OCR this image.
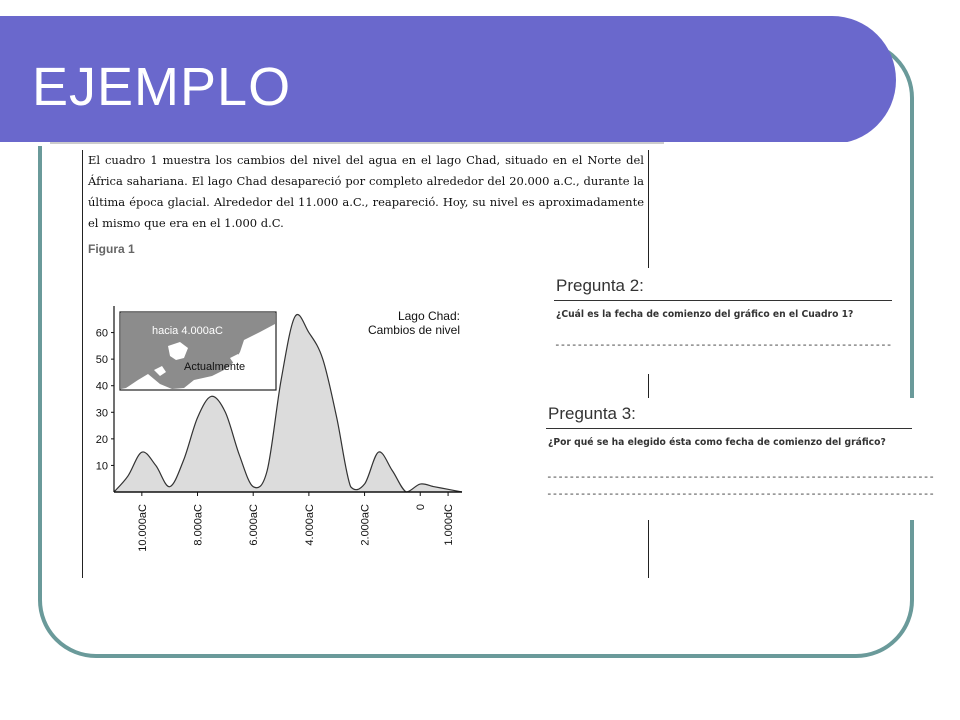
EJEMPLO
El cuadro 1 muestra los cambios del nivel del agua en el lago Chad, situado en el Norte del África sahariana. El lago Chad desapareció por completo alrededor del 20.000 a.C., durante la última época glacial. Alrededor del 11.000 a.C., reapareció. Hoy, su nivel es aproximadamente el mismo que era en el 1.000 d.C.
Figura 1
10
20
30
40
50
60
10.000aC	8.000aC	6.000aC	4.000aC	2.000aC	0 1.000dC
hacia 4.000aC
Actualmente
Lago Chad:
Cambios de nivel
Pregunta 2:
¿Cuál es la fecha de comienzo del gráfico en el Cuadro 1?
------------------------------------------------------------
Pregunta 3:
¿Por qué se ha elegido ésta como fecha de comienzo del gráfico?
---------------------------------------------------------------------
---------------------------------------------------------------------
